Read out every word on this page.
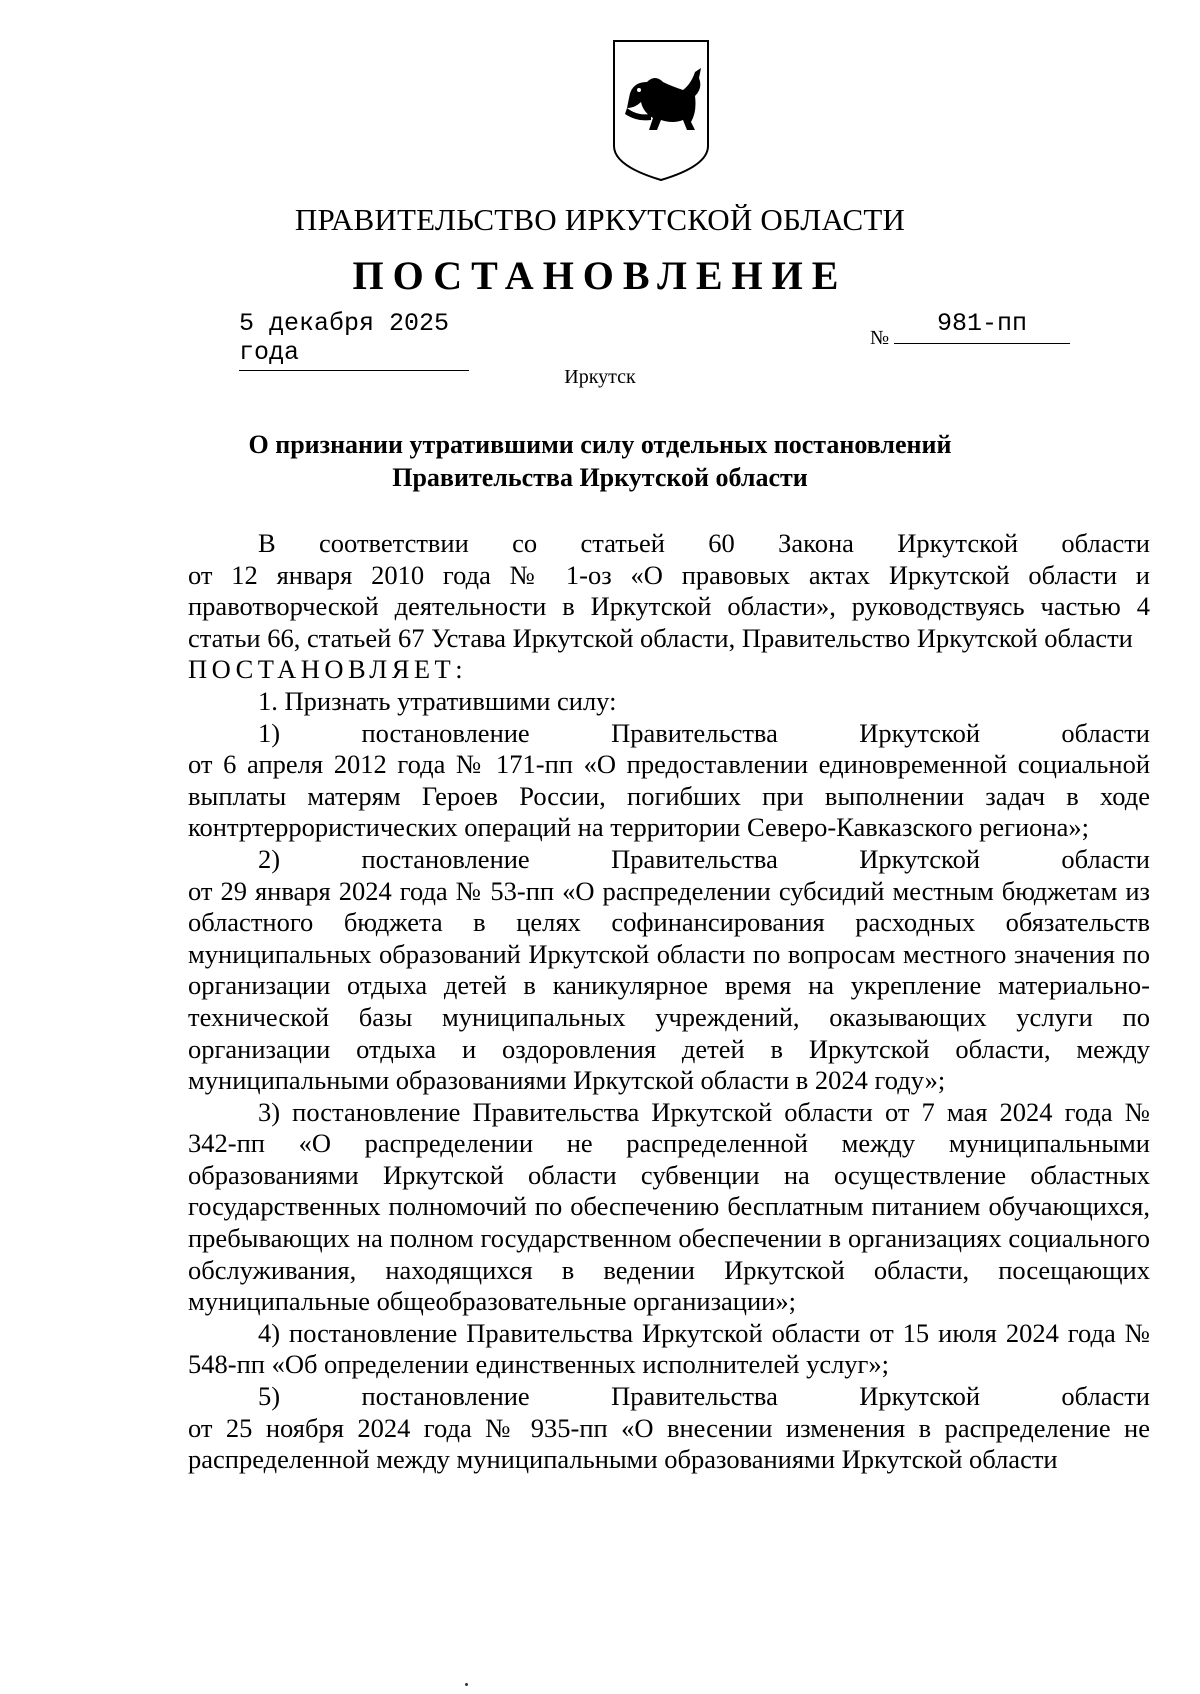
ПРАВИТЕЛЬСТВО ИРКУТСКОЙ ОБЛАСТИ
ПОСТАНОВЛЕНИЕ
5 декабря 2025 года	№	981-пп
Иркутск
О признании утратившими силу отдельных постановлений
Правительства Иркутской области

В соответствии со статьей 60 Закона Иркутской области

от 12 января 2010 года № 1-оз «О правовых актах Иркутской области и правотворческой деятельности в Иркутской области», руководствуясь частью 4 статьи 66, статьей 67 Устава Иркутской области, Правительство Иркутской области

ПОСТАНОВЛЯЕТ:

1. Признать утратившими силу:

1) постановление Правительства Иркутской области

от 6 апреля 2012 года № 171-пп «О предоставлении единовременной социальной выплаты матерям Героев России, погибших при выполнении задач в ходе контртеррористических операций на территории Северо-Кавказского региона»;

2) постановление Правительства Иркутской области

от 29 января 2024 года № 53-пп «О распределении субсидий местным бюджетам из областного бюджета в целях софинансирования расходных обязательств муниципальных образований Иркутской области по вопросам местного значения по организации отдыха детей в каникулярное время на укрепление материально-технической базы муниципальных учреждений, оказывающих услуги по организации отдыха и оздоровления детей в Иркутской области, между муниципальными образованиями Иркутской области в 2024 году»;

3) постановление Правительства Иркутской области от 7 мая 2024 года № 342-пп «О распределении не распределенной между муниципальными образованиями Иркутской области субвенции на осуществление областных государственных полномочий по обеспечению бесплатным питанием обучающихся, пребывающих на полном государственном обеспечении в организациях социального обслуживания, находящихся в ведении Иркутской области, посещающих муниципальные общеобразовательные организации»;

4) постановление Правительства Иркутской области от 15 июля 2024 года № 548-пп «Об определении единственных исполнителей услуг»;

5) постановление Правительства Иркутской области

от 25 ноября 2024 года № 935-пп «О внесении изменения в распределение не распределенной между муниципальными образованиями Иркутской области
